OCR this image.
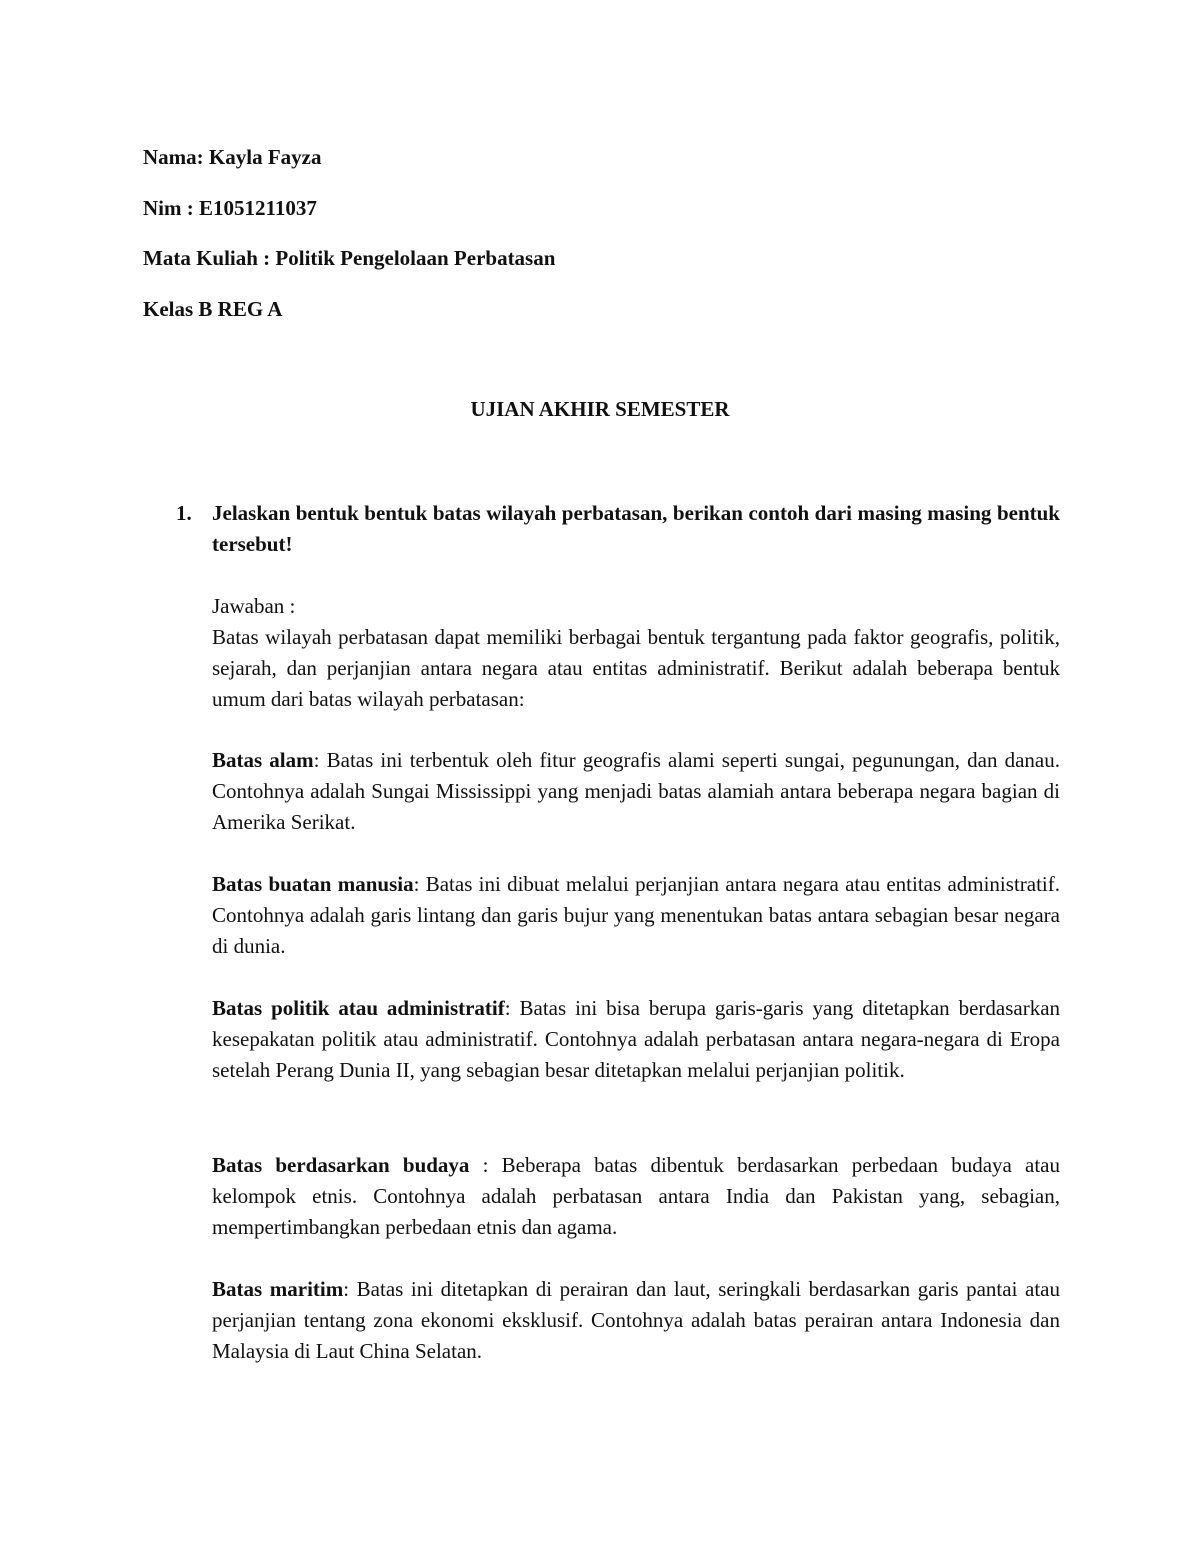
Nama: Kayla Fayza
Nim : E1051211037
Mata Kuliah : Politik Pengelolaan Perbatasan
Kelas B REG A
UJIAN AKHIR SEMESTER
1. Jelaskan bentuk bentuk batas wilayah perbatasan, berikan contoh dari masing masing bentuk tersebut!

Jawaban :

Batas wilayah perbatasan dapat memiliki berbagai bentuk tergantung pada faktor geografis, politik, sejarah, dan perjanjian antara negara atau entitas administratif. Berikut adalah beberapa bentuk umum dari batas wilayah perbatasan:

Batas alam: Batas ini terbentuk oleh fitur geografis alami seperti sungai, pegunungan, dan danau. Contohnya adalah Sungai Mississippi yang menjadi batas alamiah antara beberapa negara bagian di Amerika Serikat.

Batas buatan manusia: Batas ini dibuat melalui perjanjian antara negara atau entitas administratif. Contohnya adalah garis lintang dan garis bujur yang menentukan batas antara sebagian besar negara di dunia.

Batas politik atau administratif: Batas ini bisa berupa garis-garis yang ditetapkan berdasarkan kesepakatan politik atau administratif. Contohnya adalah perbatasan antara negara-negara di Eropa setelah Perang Dunia II, yang sebagian besar ditetapkan melalui perjanjian politik.

Batas berdasarkan budaya : Beberapa batas dibentuk berdasarkan perbedaan budaya atau kelompok etnis. Contohnya adalah perbatasan antara India dan Pakistan yang, sebagian, mempertimbangkan perbedaan etnis dan agama.

Batas maritim: Batas ini ditetapkan di perairan dan laut, seringkali berdasarkan garis pantai atau perjanjian tentang zona ekonomi eksklusif. Contohnya adalah batas perairan antara Indonesia dan Malaysia di Laut China Selatan.
